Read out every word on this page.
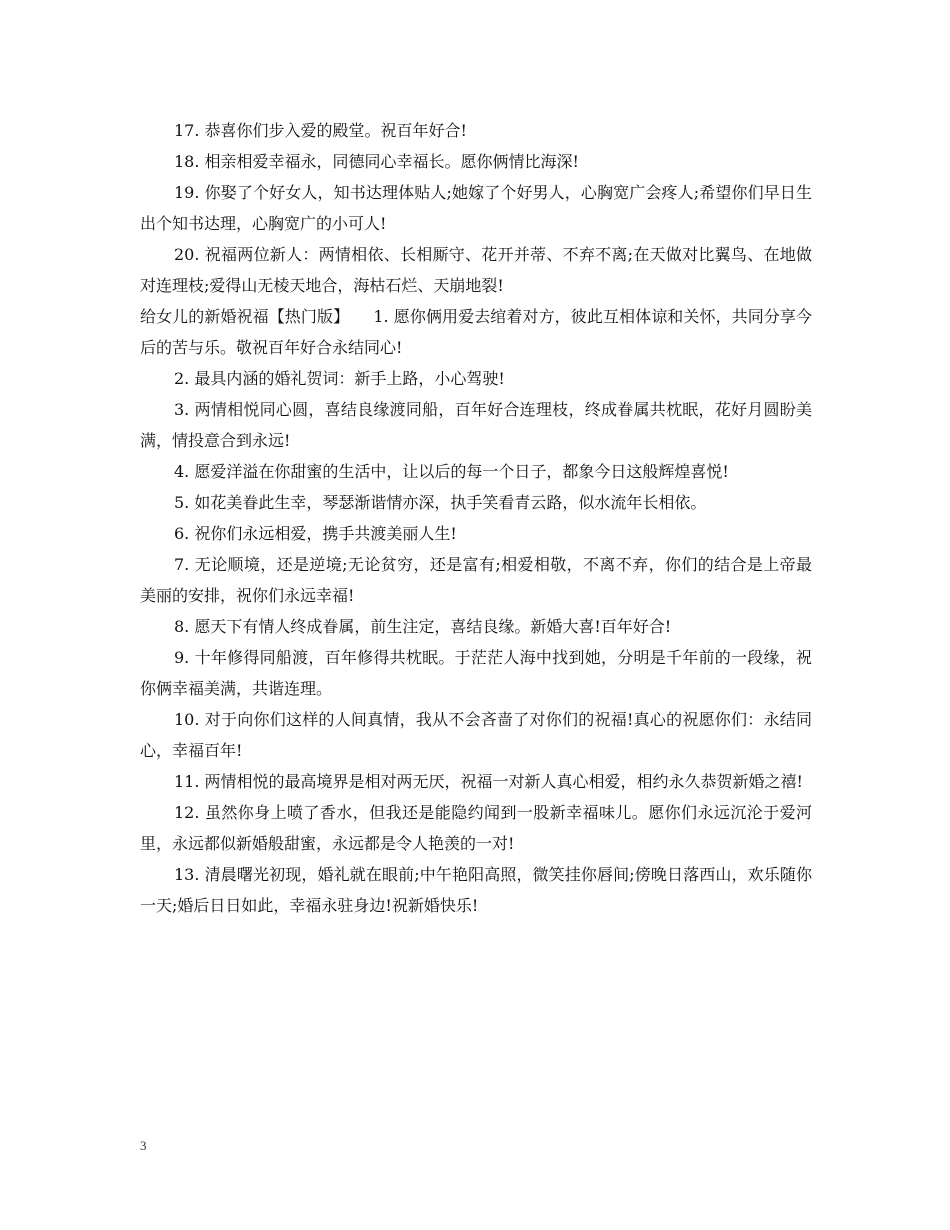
17. 恭喜你们步入爱的殿堂。祝百年好合!

18. 相亲相爱幸福永，同德同心幸福长。愿你俩情比海深!

19. 你娶了个好女人，知书达理体贴人;她嫁了个好男人，心胸宽广会疼人;希望你们早日生出个知书达理，心胸宽广的小可人!

20. 祝福两位新人：两情相依、长相厮守、花开并蒂、不弃不离;在天做对比翼鸟、在地做对连理枝;爱得山无棱天地合，海枯石烂、天崩地裂!

给女儿的新婚祝福【热门版】　　1. 愿你俩用爱去绾着对方，彼此互相体谅和关怀，共同分享今后的苦与乐。敬祝百年好合永结同心!

2. 最具内涵的婚礼贺词：新手上路，小心驾驶!

3. 两情相悦同心圆，喜结良缘渡同船，百年好合连理枝，终成眷属共枕眠，花好月圆盼美满，情投意合到永远!

4. 愿爱洋溢在你甜蜜的生活中，让以后的每一个日子，都象今日这般辉煌喜悦!

5. 如花美眷此生幸，琴瑟渐谐情亦深，执手笑看青云路，似水流年长相依。

6. 祝你们永远相爱，携手共渡美丽人生!

7. 无论顺境，还是逆境;无论贫穷，还是富有;相爱相敬，不离不弃，你们的结合是上帝最美丽的安排，祝你们永远幸福!

8. 愿天下有情人终成眷属，前生注定，喜结良缘。新婚大喜!百年好合!

9. 十年修得同船渡，百年修得共枕眠。于茫茫人海中找到她，分明是千年前的一段缘，祝你俩幸福美满，共谐连理。

10. 对于向你们这样的人间真情，我从不会吝啬了对你们的祝福!真心的祝愿你们：永结同心，幸福百年!

11. 两情相悦的最高境界是相对两无厌，祝福一对新人真心相爱，相约永久恭贺新婚之禧!

12. 虽然你身上喷了香水，但我还是能隐约闻到一股新幸福味儿。愿你们永远沉沦于爱河里，永远都似新婚般甜蜜，永远都是令人艳羡的一对!

13. 清晨曙光初现，婚礼就在眼前;中午艳阳高照，微笑挂你唇间;傍晚日落西山，欢乐随你一天;婚后日日如此，幸福永驻身边!祝新婚快乐!

3
